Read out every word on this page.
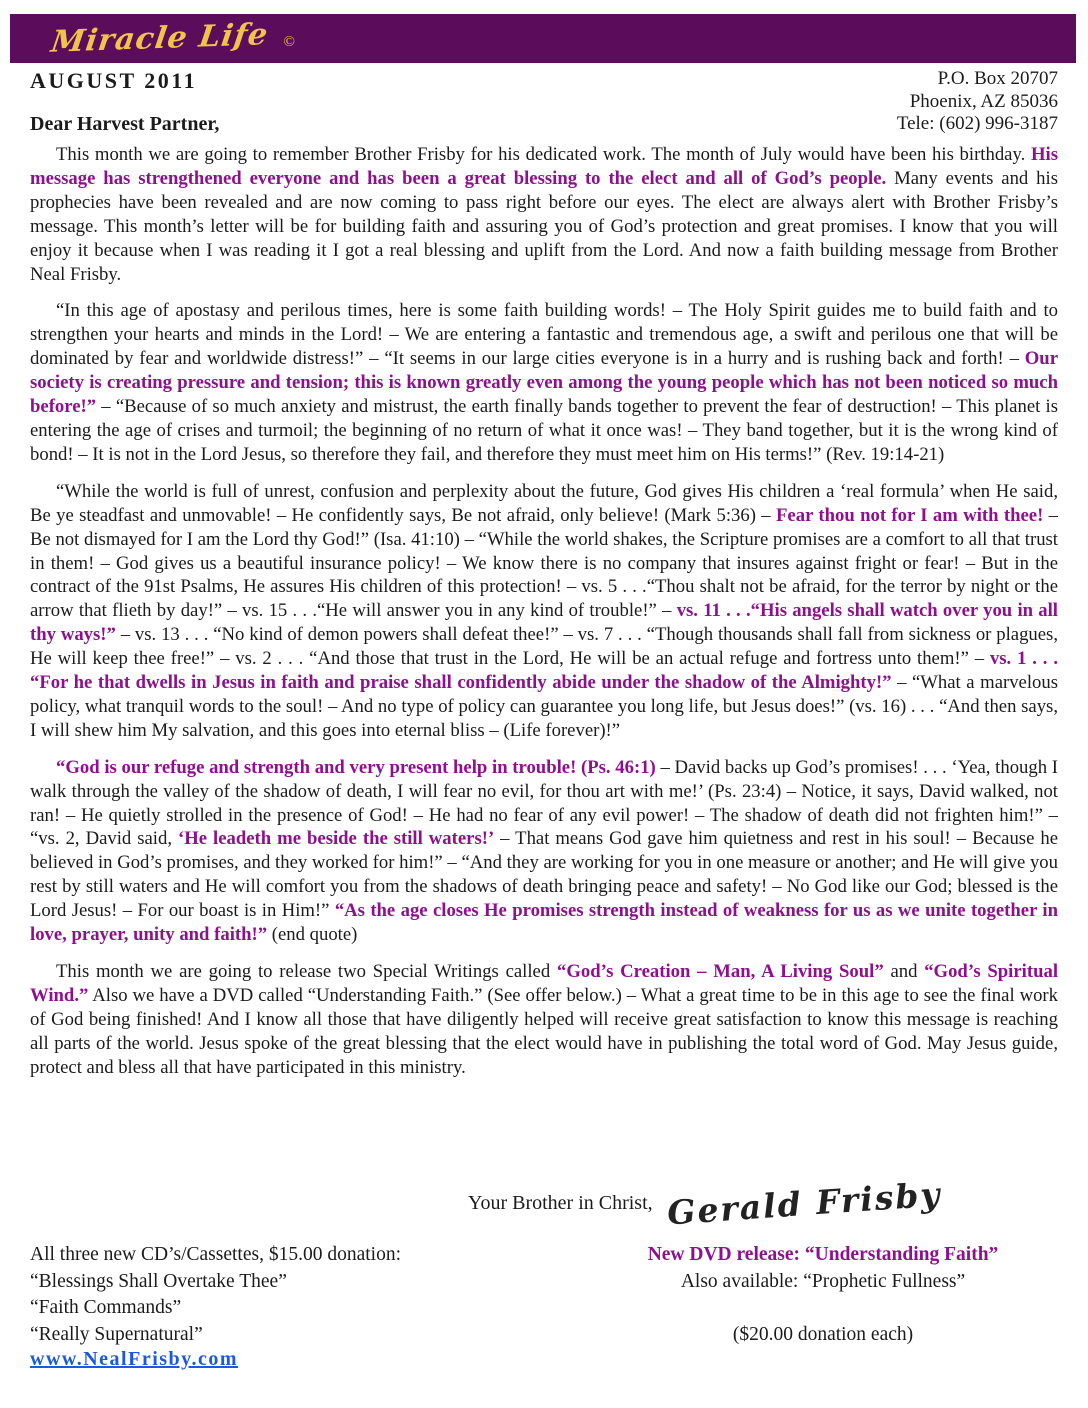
Miracle Life ©
AUGUST 2011	P.O. Box 20707
Phoenix, AZ 85036
Tele: (602) 996-3187
Dear Harvest Partner,

This month we are going to remember Brother Frisby for his dedicated work. The month of July would have been his birthday. His message has strengthened everyone and has been a great blessing to the elect and all of God’s people. Many events and his prophecies have been revealed and are now coming to pass right before our eyes. The elect are always alert with Brother Frisby’s message. This month’s letter will be for building faith and assuring you of God’s protection and great promises. I know that you will enjoy it because when I was reading it I got a real blessing and uplift from the Lord. And now a faith building message from Brother Neal Frisby.

“In this age of apostasy and perilous times, here is some faith building words! – The Holy Spirit guides me to build faith and to strengthen your hearts and minds in the Lord! – We are entering a fantastic and tremendous age, a swift and perilous one that will be dominated by fear and worldwide distress!” – “It seems in our large cities everyone is in a hurry and is rushing back and forth! – Our society is creating pressure and tension; this is known greatly even among the young people which has not been noticed so much before!” – “Because of so much anxiety and mistrust, the earth finally bands together to prevent the fear of destruction! – This planet is entering the age of crises and turmoil; the beginning of no return of what it once was! – They band together, but it is the wrong kind of bond! – It is not in the Lord Jesus, so therefore they fail, and therefore they must meet him on His terms!” (Rev. 19:14-21)

“While the world is full of unrest, confusion and perplexity about the future, God gives His children a ‘real formula’ when He said, Be ye steadfast and unmovable! – He confidently says, Be not afraid, only believe! (Mark 5:36) – Fear thou not for I am with thee! – Be not dismayed for I am the Lord thy God!” (Isa. 41:10) – “While the world shakes, the Scripture promises are a comfort to all that trust in them! – God gives us a beautiful insurance policy! – We know there is no company that insures against fright or fear! – But in the contract of the 91st Psalms, He assures His children of this protection! – vs. 5 . . .“Thou shalt not be afraid, for the terror by night or the arrow that flieth by day!” – vs. 15 . . .“He will answer you in any kind of trouble!” – vs. 11 . . .“His angels shall watch over you in all thy ways!” – vs. 13 . . . “No kind of demon powers shall defeat thee!” – vs. 7 . . . “Though thousands shall fall from sickness or plagues, He will keep thee free!” – vs. 2 . . . “And those that trust in the Lord, He will be an actual refuge and fortress unto them!” – vs. 1 . . . “For he that dwells in Jesus in faith and praise shall confidently abide under the shadow of the Almighty!” – “What a marvelous policy, what tranquil words to the soul! – And no type of policy can guarantee you long life, but Jesus does!” (vs. 16) . . . “And then says, I will shew him My salvation, and this goes into eternal bliss – (Life forever)!”

“God is our refuge and strength and very present help in trouble! (Ps. 46:1) – David backs up God’s promises! . . . ‘Yea, though I walk through the valley of the shadow of death, I will fear no evil, for thou art with me!’ (Ps. 23:4) – Notice, it says, David walked, not ran! – He quietly strolled in the presence of God! – He had no fear of any evil power! – The shadow of death did not frighten him!” – “vs. 2, David said, ‘He leadeth me beside the still waters!’ – That means God gave him quietness and rest in his soul! – Because he believed in God’s promises, and they worked for him!” – “And they are working for you in one measure or another; and He will give you rest by still waters and He will comfort you from the shadows of death bringing peace and safety! – No God like our God; blessed is the Lord Jesus! – For our boast is in Him!” “As the age closes He promises strength instead of weakness for us as we unite together in love, prayer, unity and faith!” (end quote)

This month we are going to release two Special Writings called “God’s Creation – Man, A Living Soul” and “God’s Spiritual Wind.” Also we have a DVD called “Understanding Faith.” (See offer below.) – What a great time to be in this age to see the final work of God being finished! And I know all those that have diligently helped will receive great satisfaction to know this message is reaching all parts of the world. Jesus spoke of the great blessing that the elect would have in publishing the total word of God. May Jesus guide, protect and bless all that have participated in this ministry.

Your Brother in Christ, Gerald Frisby
All three new CD’s/Cassettes, $15.00 donation:
“Blessings Shall Overtake Thee”
“Faith Commands”
“Really Supernatural”
New DVD release: “Understanding Faith”
Also available: “Prophetic Fullness”
($20.00 donation each)
www.NealFrisby.com
